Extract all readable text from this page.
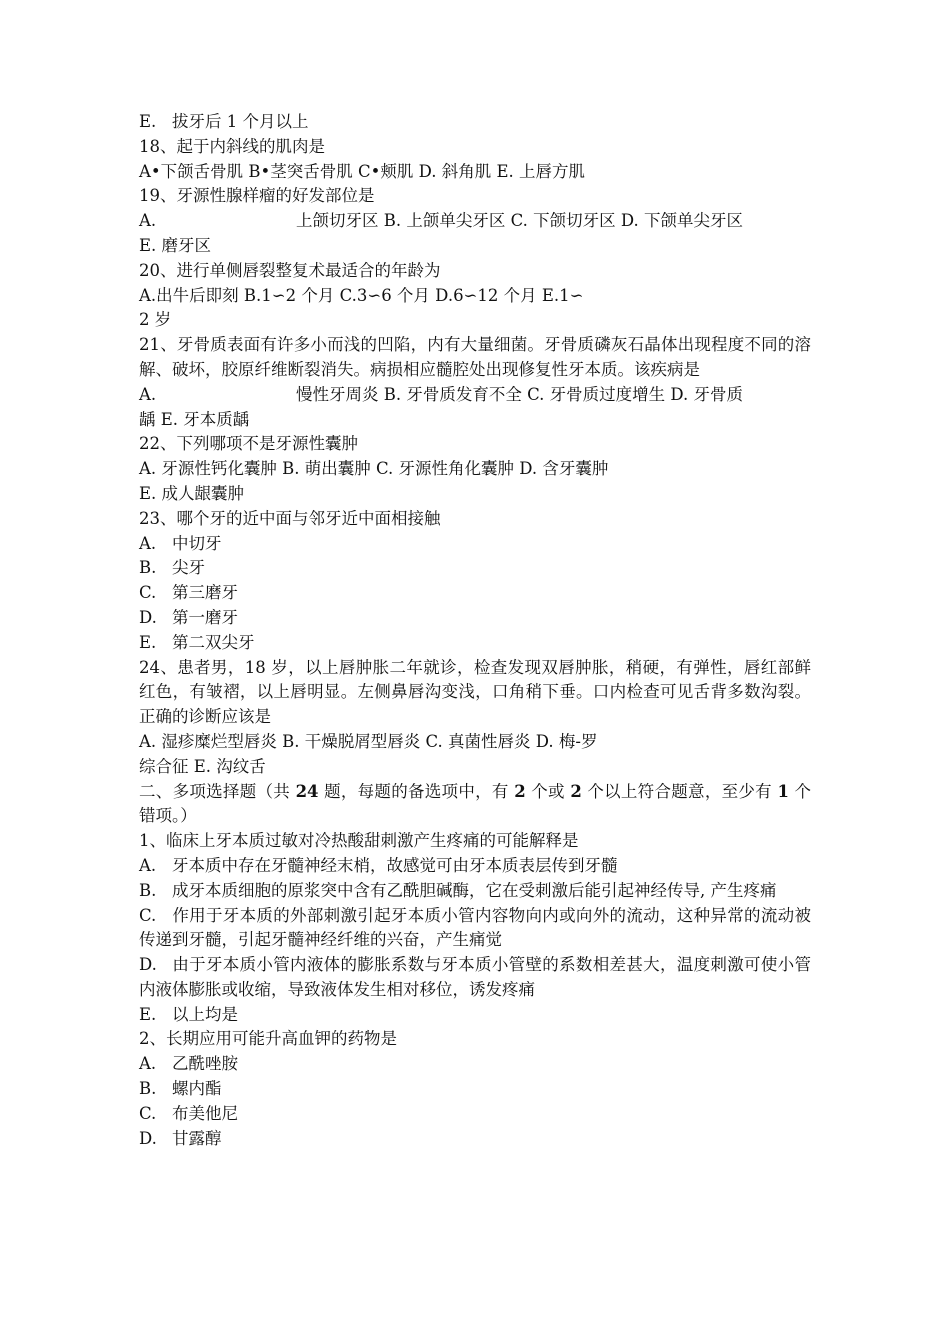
E.   拔牙后 1 个月以上
18、起于内斜线的肌肉是
A•下颌舌骨肌 B•茎突舌骨肌 C•颊肌 D. 斜角肌 E. 上唇方肌
19、牙源性腺样瘤的好发部位是
A.	上颌切牙区 B. 上颌单尖牙区 C. 下颌切牙区 D. 下颌单尖牙区
E. 磨牙区
20、进行单侧唇裂整复术最适合的年龄为
A.出牛后即刻 B.1∽2 个月 C.3∽6 个月 D.6∽12 个月 E.1∽
2 岁
21、牙骨质表面有许多小而浅的凹陷，内有大量细菌。牙骨质磷灰石晶体出现程度不同的溶解、破坏，胶原纤维断裂消失。病损相应髓腔处出现修复性牙本质。该疾病是
A.	慢性牙周炎 B. 牙骨质发育不全 C. 牙骨质过度增生 D. 牙骨质
龋 E. 牙本质龋
22、下列哪项不是牙源性囊肿
A. 牙源性钙化囊肿 B. 萌出囊肿 C. 牙源性角化囊肿 D. 含牙囊肿
E. 成人龈囊肿
23、哪个牙的近中面与邻牙近中面相接触
A. 中切牙
B. 尖牙
C. 第三磨牙
D. 第一磨牙
E. 第二双尖牙
24、患者男，18 岁，以上唇肿胀二年就诊，检查发现双唇肿胀，稍硬，有弹性，唇红部鲜红色，有皱褶，以上唇明显。左侧鼻唇沟变浅，口角稍下垂。口内检查可见舌背多数沟裂。正确的诊断应该是
A. 湿疹糜烂型唇炎 B. 干燥脱屑型唇炎 C. 真菌性唇炎 D. 梅-罗
综合征 E. 沟纹舌
二、多项选择题（共 24 题，每题的备选项中，有 2 个或 2 个以上符合题意，至少有 1 个错项。）
1、临床上牙本质过敏对冷热酸甜刺激产生疼痛的可能解释是
A. 牙本质中存在牙髓神经末梢，故感觉可由牙本质表层传到牙髓
B. 成牙本质细胞的原浆突中含有乙酰胆碱酶，它在受刺激后能引起神经传导, 产生疼痛
C. 作用于牙本质的外部刺激引起牙本质小管内容物向内或向外的流动，这种异常的流动被传递到牙髓，引起牙髓神经纤维的兴奋，产生痛觉
D. 由于牙本质小管内液体的膨胀系数与牙本质小管壁的系数相差甚大，温度刺激可使小管内液体膨胀或收缩，导致液体发生相对移位，诱发疼痛
E. 以上均是
2、长期应用可能升高血钾的药物是
A. 乙酰唑胺
B. 螺内酯
C. 布美他尼
D. 甘露醇
